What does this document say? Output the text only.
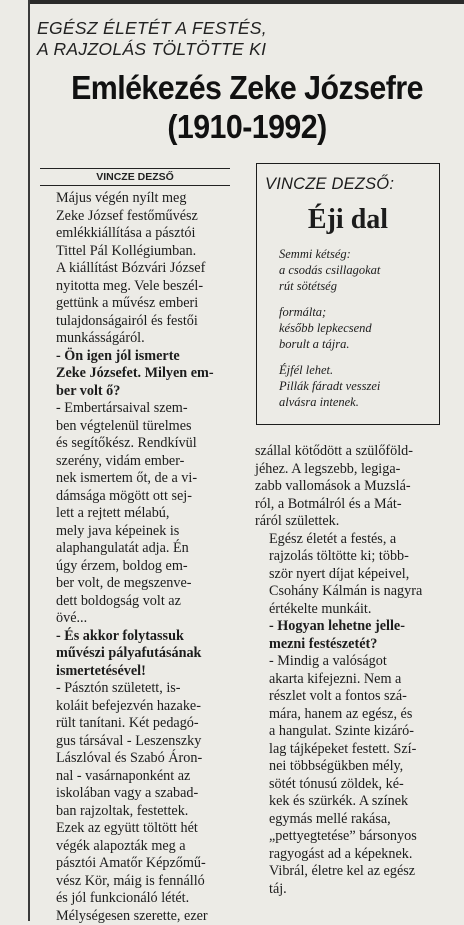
EGÉSZ ÉLETÉT A FESTÉS,
A RAJZOLÁS TÖLTÖTTE KI
Emlékezés Zeke Józsefre
(1910-1992)
VINCZE DEZSŐ	VINCZE DEZSŐ:
Éji dal
Semmi kétség:
a csodás csillagokat
rút sötétség
formálta;
később lepkecsend
borult a tájra.
Éjfél lehet.
Pillák fáradt vesszei
alvásra intenek.

Május végén nyílt meg
Zeke József festőművész
emlékkiállítása a pásztói
Tittel Pál Kollégiumban.
A kiállítást Bózvári József
nyitotta meg. Vele beszél-
gettünk a művész emberi
tulajdonságairól és festői
munkásságáról.

- Ön igen jól ismerte
Zeke Józsefet. Milyen em-
ber volt ő?

- Embertársaival szem-
ben végtelenül türelmes
és segítőkész. Rendkívül
szerény, vidám ember-
nek ismertem őt, de a vi-
dámsága mögött ott sej-
lett a rejtett mélabú,
mely java képeinek is
alaphangulatát adja. Én
úgy érzem, boldog em-
ber volt, de megszenve-
dett boldogság volt az
övé...

- És akkor folytassuk
művészi pályafutásának
ismertetésével!

- Pásztón született, is-
koláit befejezvén hazake-
rült tanítani. Két pedagó-
gus társával - Leszenszky
Lászlóval és Szabó Áron-
nal - vasárnaponként az
iskolában vagy a szabad-
ban rajzoltak, festettek.
Ezek az együtt töltött hét
végék alapozták meg a
pásztói Amatőr Képzőmű-
vész Kör, máig is fennálló
és jól funkcionáló létét.
Mélységesen szerette, ezer

szállal kötődött a szülőföld-
jéhez. A legszebb, legiga-
zabb vallomások a Muzslá-
ról, a Botmálról és a Mát-
ráról születtek.

Egész életét a festés, a
rajzolás töltötte ki; több-
ször nyert díjat képeivel,
Csohány Kálmán is nagyra
értékelte munkáit.

- Hogyan lehetne jelle-
mezni festészetét?

- Mindig a valóságot
akarta kifejezni. Nem a
részlet volt a fontos szá-
mára, hanem az egész, és
a hangulat. Szinte kizáró-
lag tájképeket festett. Szí-
nei többségükben mély,
sötét tónusú zöldek, ké-
kek és szürkék. A színek
egymás mellé rakása,
„pettyegtetése” bársonyos
ragyogást ad a képeknek.
Vibrál, életre kel az egész
táj.
